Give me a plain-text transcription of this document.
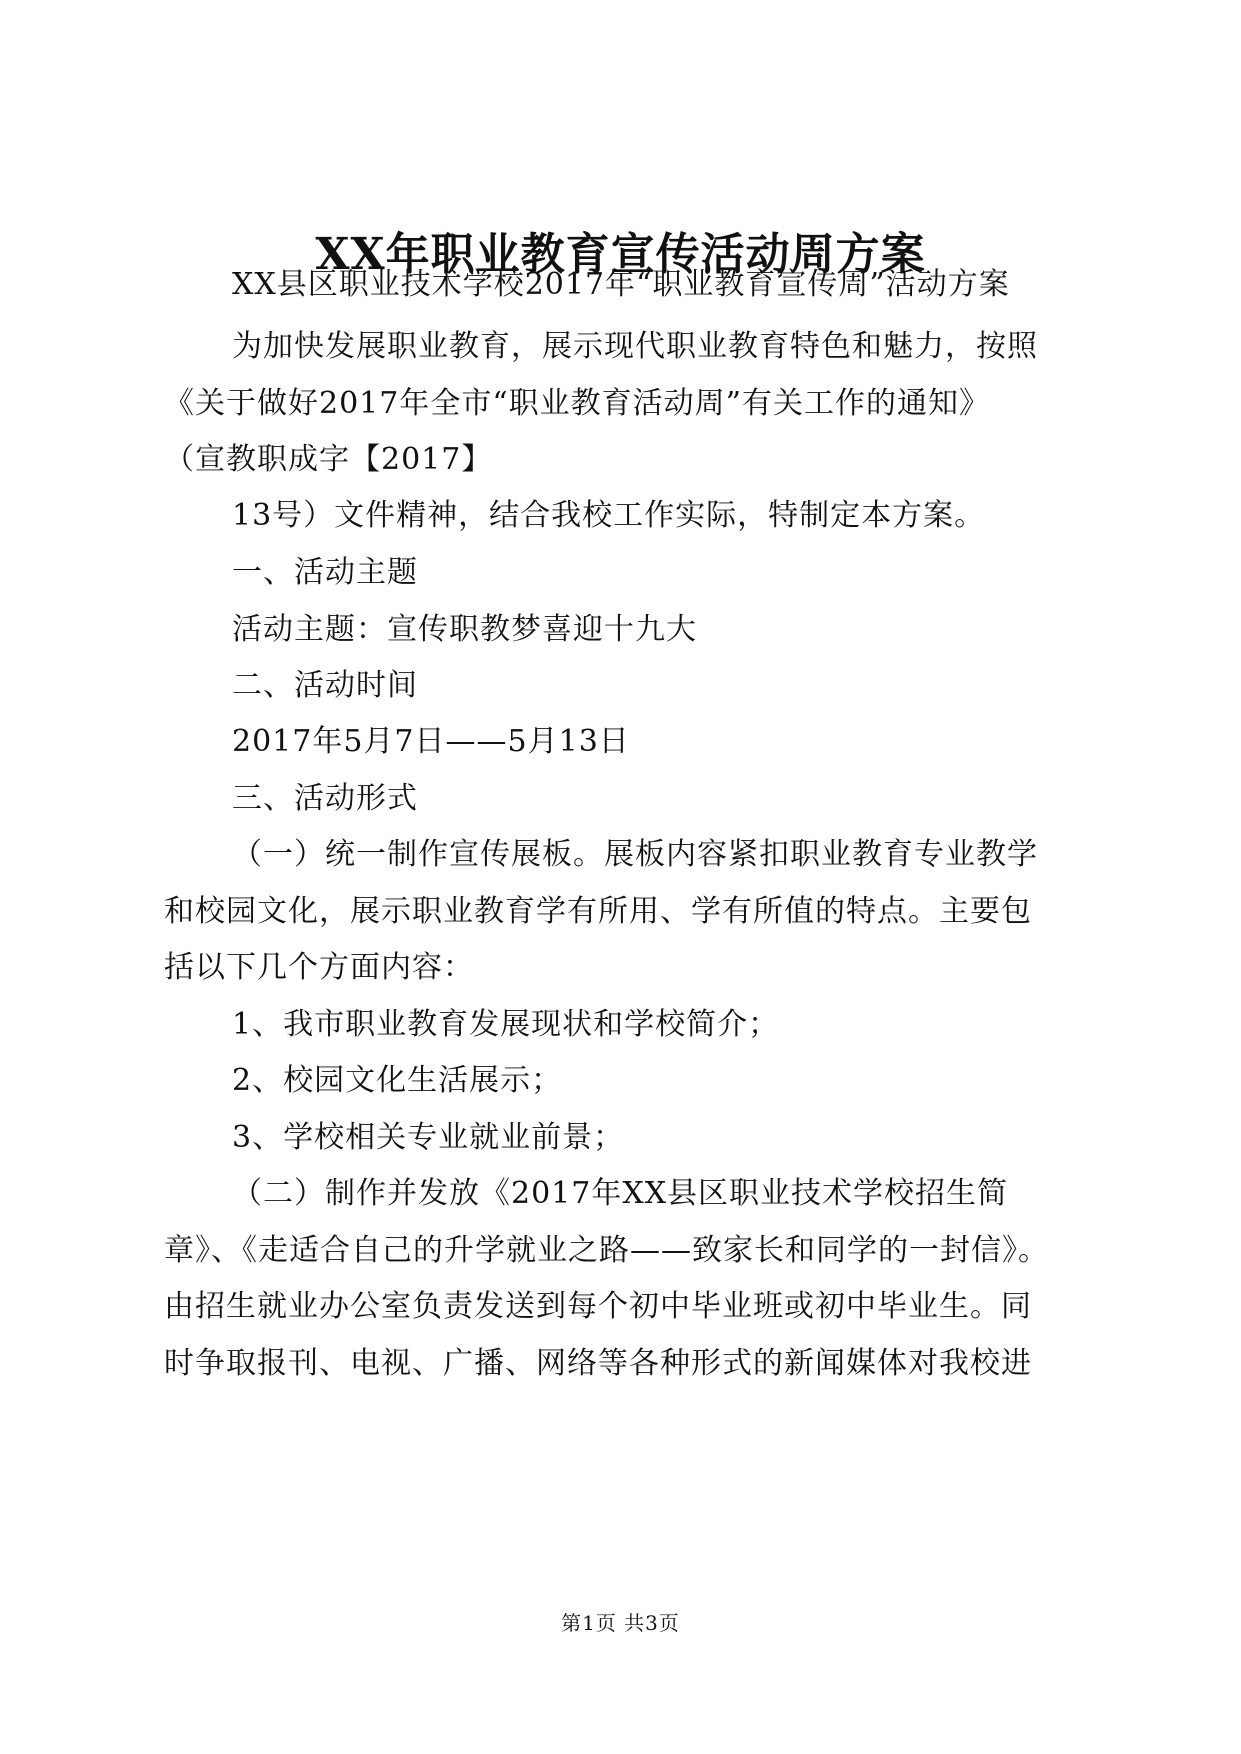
XX年职业教育宣传活动周方案
XX县区职业技术学校2017年“职业教育宣传周”活动方案
为加快发展职业教育，展示现代职业教育特色和魅力，按照
《关于做好2017年全市“职业教育活动周”有关工作的通知》
（宣教职成字【2017】
13号）文件精神，结合我校工作实际，特制定本方案。
一、活动主题
活动主题：宣传职教梦喜迎十九大
二、活动时间
2017年5月7日——5月13日
三、活动形式
（一）统一制作宣传展板。展板内容紧扣职业教育专业教学
和校园文化，展示职业教育学有所用、学有所值的特点。主要包
括以下几个方面内容：
1、我市职业教育发展现状和学校简介；
2、校园文化生活展示；
3、学校相关专业就业前景；
（二）制作并发放《2017年XX县区职业技术学校招生简
章》、《走适合自己的升学就业之路——致家长和同学的一封信》。
由招生就业办公室负责发送到每个初中毕业班或初中毕业生。同
时争取报刊、电视、广播、网络等各种形式的新闻媒体对我校进
第1页 共3页
